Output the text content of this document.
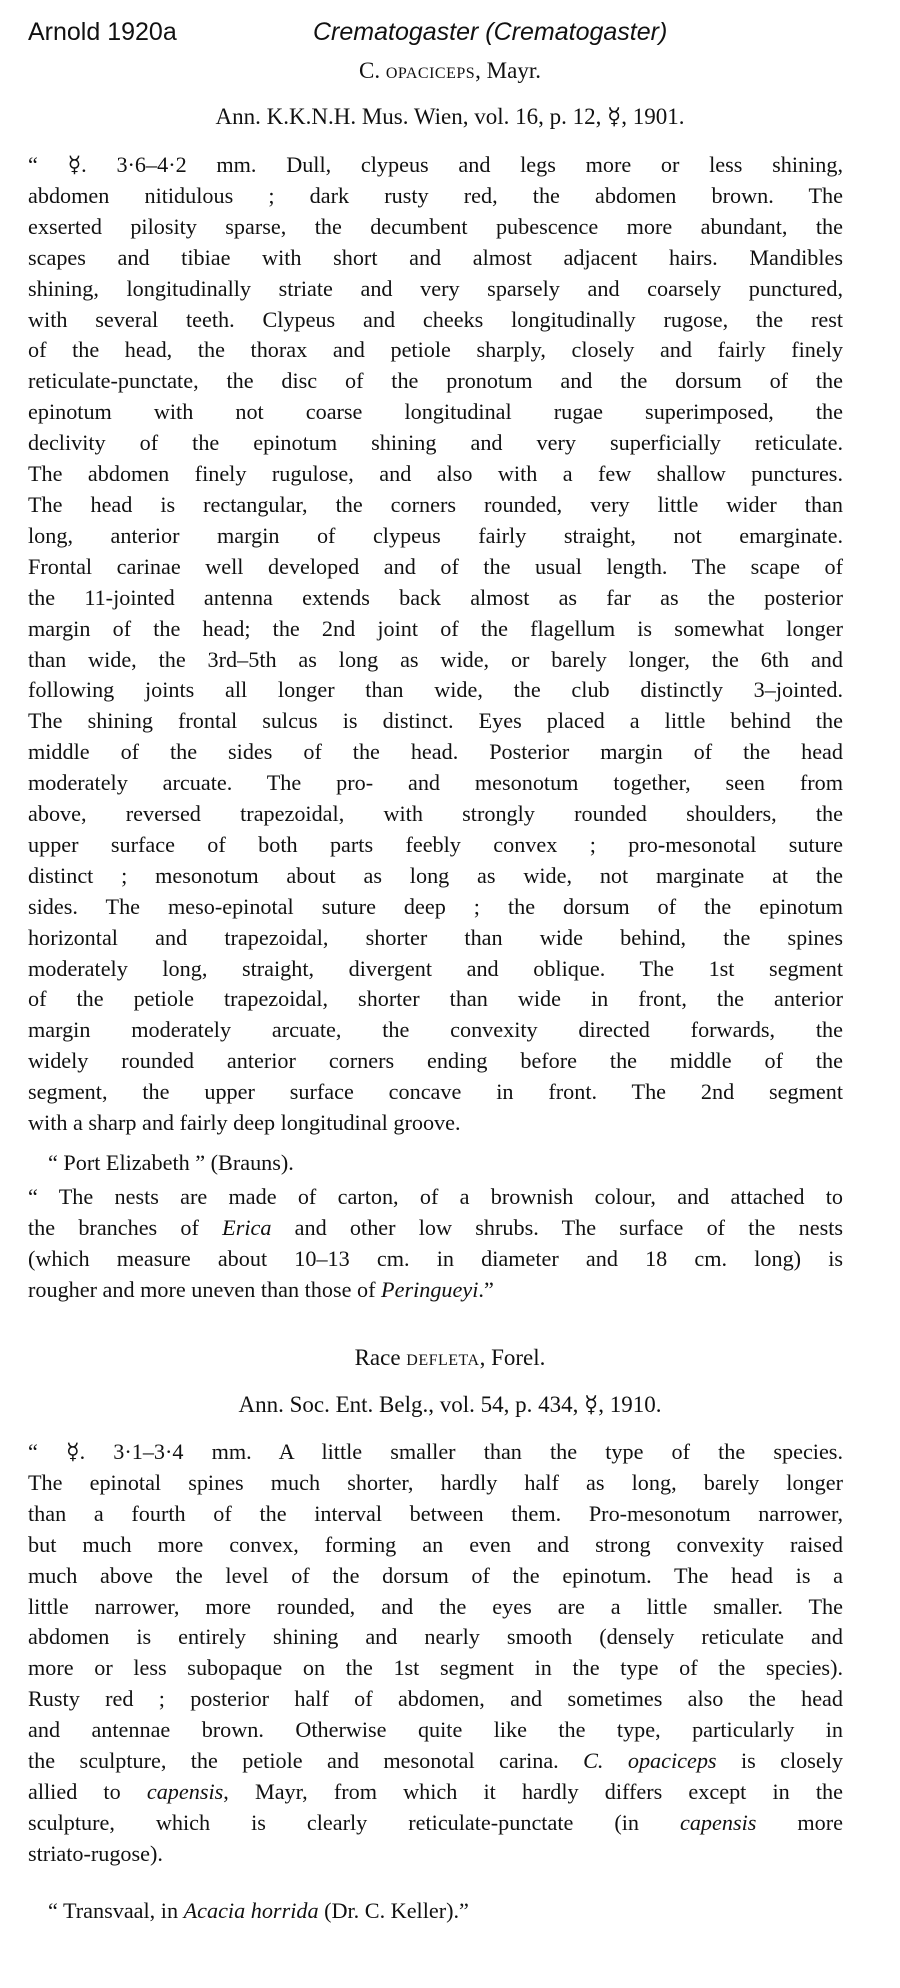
Arnold 1920a	Crematogaster (Crematogaster)
C. opaciceps, Mayr.
Ann. K.K.N.H. Mus. Wien, vol. 16, p. 12, ☿, 1901.
“ ☿. 3·6–4·2 mm. Dull, clypeus and legs more or less shining,
abdomen nitidulous ; dark rusty red, the abdomen brown. The
exserted pilosity sparse, the decumbent pubescence more abundant, the
scapes and tibiae with short and almost adjacent hairs. Mandibles
shining, longitudinally striate and very sparsely and coarsely punctured,
with several teeth. Clypeus and cheeks longitudinally rugose, the rest
of the head, the thorax and petiole sharply, closely and fairly finely
reticulate-punctate, the disc of the pronotum and the dorsum of the
epinotum with not coarse longitudinal rugae superimposed, the
declivity of the epinotum shining and very superficially reticulate.
The abdomen finely rugulose, and also with a few shallow punctures.
The head is rectangular, the corners rounded, very little wider than
long, anterior margin of clypeus fairly straight, not emarginate.
Frontal carinae well developed and of the usual length. The scape of
the 11-jointed antenna extends back almost as far as the posterior
margin of the head; the 2nd joint of the flagellum is somewhat longer
than wide, the 3rd–5th as long as wide, or barely longer, the 6th and
following joints all longer than wide, the club distinctly 3–jointed.
The shining frontal sulcus is distinct. Eyes placed a little behind the
middle of the sides of the head. Posterior margin of the head
moderately arcuate. The pro- and mesonotum together, seen from
above, reversed trapezoidal, with strongly rounded shoulders, the
upper surface of both parts feebly convex ; pro-mesonotal suture
distinct ; mesonotum about as long as wide, not marginate at the
sides. The meso-epinotal suture deep ; the dorsum of the epinotum
horizontal and trapezoidal, shorter than wide behind, the spines
moderately long, straight, divergent and oblique. The 1st segment
of the petiole trapezoidal, shorter than wide in front, the anterior
margin moderately arcuate, the convexity directed forwards, the
widely rounded anterior corners ending before the middle of the
segment, the upper surface concave in front. The 2nd segment
with a sharp and fairly deep longitudinal groove.
“ Port Elizabeth ” (Brauns).
“ The nests are made of carton, of a brownish colour, and attached to
the branches of Erica and other low shrubs. The surface of the nests
(which measure about 10–13 cm. in diameter and 18 cm. long) is
rougher and more uneven than those of Peringueyi.”
Race defleta, Forel.
Ann. Soc. Ent. Belg., vol. 54, p. 434, ☿, 1910.
“ ☿. 3·1–3·4 mm. A little smaller than the type of the species.
The epinotal spines much shorter, hardly half as long, barely longer
than a fourth of the interval between them. Pro-mesonotum narrower,
but much more convex, forming an even and strong convexity raised
much above the level of the dorsum of the epinotum. The head is a
little narrower, more rounded, and the eyes are a little smaller. The
abdomen is entirely shining and nearly smooth (densely reticulate and
more or less subopaque on the 1st segment in the type of the species).
Rusty red ; posterior half of abdomen, and sometimes also the head
and antennae brown. Otherwise quite like the type, particularly in
the sculpture, the petiole and mesonotal carina. C. opaciceps is closely
allied to capensis, Mayr, from which it hardly differs except in the
sculpture, which is clearly reticulate-punctate (in capensis more
striato-rugose).
“ Transvaal, in Acacia horrida (Dr. C. Keller).”
